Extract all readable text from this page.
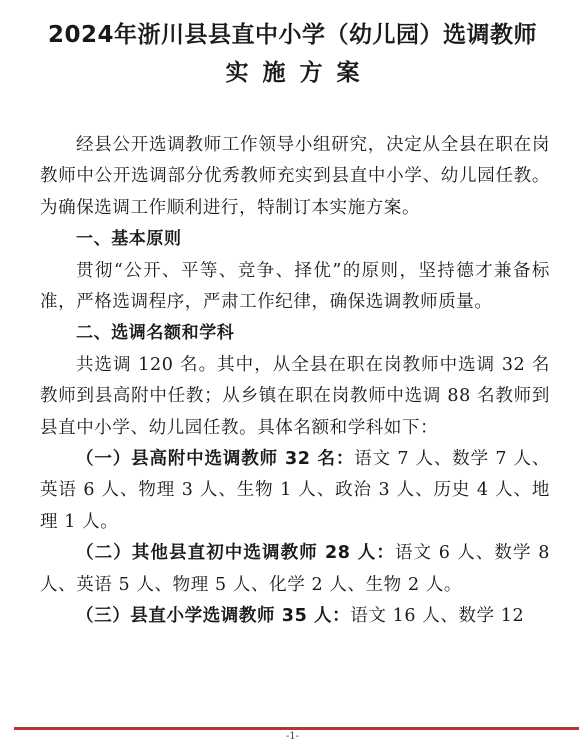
2024年浙川县县直中小学（幼儿园）选调教师
实施方案

经县公开选调教师工作领导小组研究，决定从全县在职在岗教师中公开选调部分优秀教师充实到县直中小学、幼儿园任教。为确保选调工作顺利进行，特制订本实施方案。

一、基本原则

贯彻“公开、平等、竞争、择优”的原则，坚持德才兼备标准，严格选调程序，严肃工作纪律，确保选调教师质量。

二、选调名额和学科

共选调 120 名。其中，从全县在职在岗教师中选调 32 名教师到县高附中任教；从乡镇在职在岗教师中选调 88 名教师到县直中小学、幼儿园任教。具体名额和学科如下：

（一）县高附中选调教师 32 名：语文 7 人、数学 7 人、英语 6 人、物理 3 人、生物 1 人、政治 3 人、历史 4 人、地理 1 人。

（二）其他县直初中选调教师 28 人：语文 6 人、数学 8 人、英语 5 人、物理 5 人、化学 2 人、生物 2 人。

（三）县直小学选调教师 35 人：语文 16 人、数学 12

-1-
